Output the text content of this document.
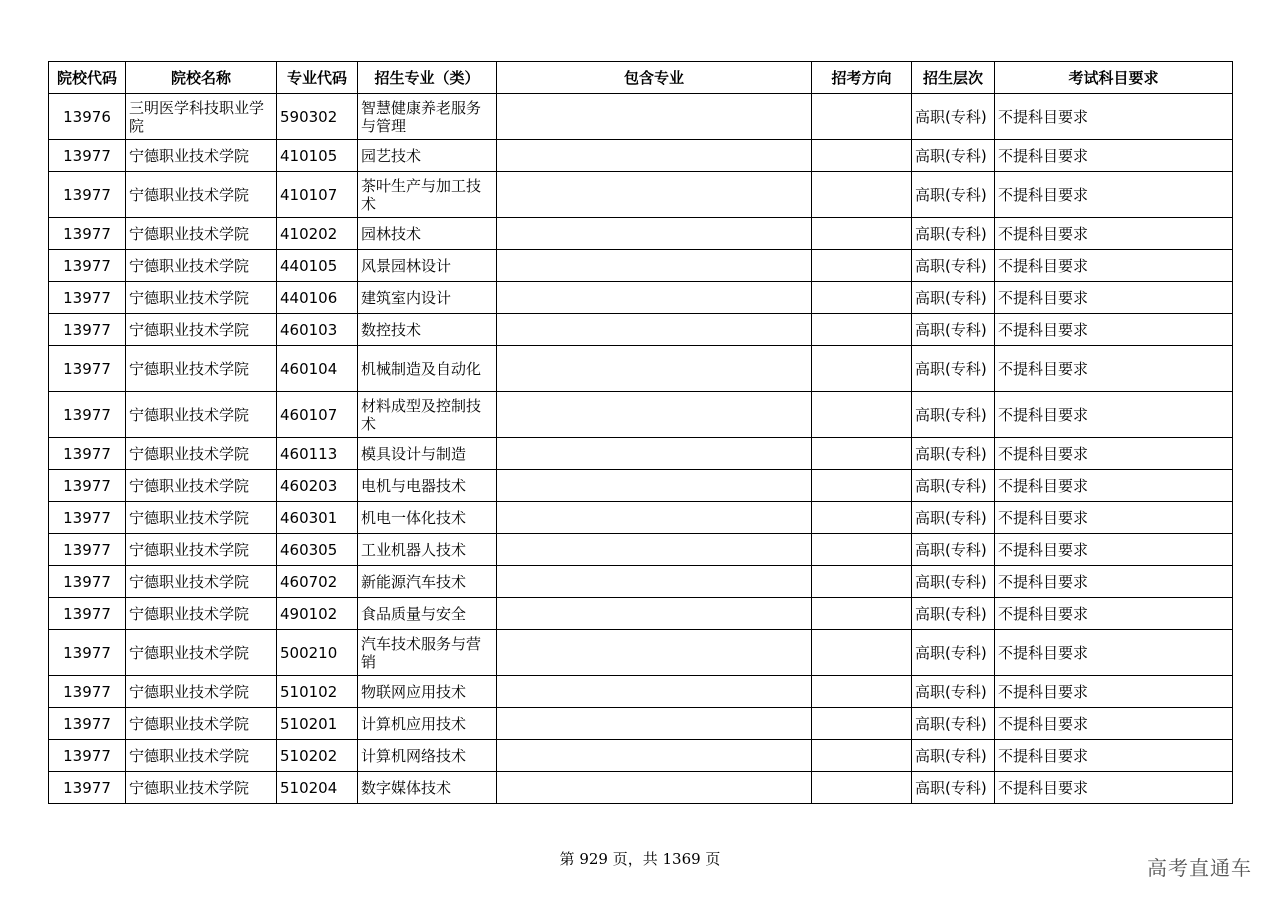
院校代码	院校名称	专业代码	招生专业（类）	包含专业	招考方向	招生层次	考试科目要求
13976	三明医学科技职业学院	590302	智慧健康养老服务与管理			高职(专科)	不提科目要求
13977	宁德职业技术学院	410105	园艺技术			高职(专科)	不提科目要求
13977	宁德职业技术学院	410107	茶叶生产与加工技术			高职(专科)	不提科目要求
13977	宁德职业技术学院	410202	园林技术			高职(专科)	不提科目要求
13977	宁德职业技术学院	440105	风景园林设计			高职(专科)	不提科目要求
13977	宁德职业技术学院	440106	建筑室内设计			高职(专科)	不提科目要求
13977	宁德职业技术学院	460103	数控技术			高职(专科)	不提科目要求
13977	宁德职业技术学院	460104	机械制造及自动化			高职(专科)	不提科目要求
13977	宁德职业技术学院	460107	材料成型及控制技术			高职(专科)	不提科目要求
13977	宁德职业技术学院	460113	模具设计与制造			高职(专科)	不提科目要求
13977	宁德职业技术学院	460203	电机与电器技术			高职(专科)	不提科目要求
13977	宁德职业技术学院	460301	机电一体化技术			高职(专科)	不提科目要求
13977	宁德职业技术学院	460305	工业机器人技术			高职(专科)	不提科目要求
13977	宁德职业技术学院	460702	新能源汽车技术			高职(专科)	不提科目要求
13977	宁德职业技术学院	490102	食品质量与安全			高职(专科)	不提科目要求
13977	宁德职业技术学院	500210	汽车技术服务与营销			高职(专科)	不提科目要求
13977	宁德职业技术学院	510102	物联网应用技术			高职(专科)	不提科目要求
13977	宁德职业技术学院	510201	计算机应用技术			高职(专科)	不提科目要求
13977	宁德职业技术学院	510202	计算机网络技术			高职(专科)	不提科目要求
13977	宁德职业技术学院	510204	数字媒体技术			高职(专科)	不提科目要求
第 929 页，共 1369 页	高考直通车
